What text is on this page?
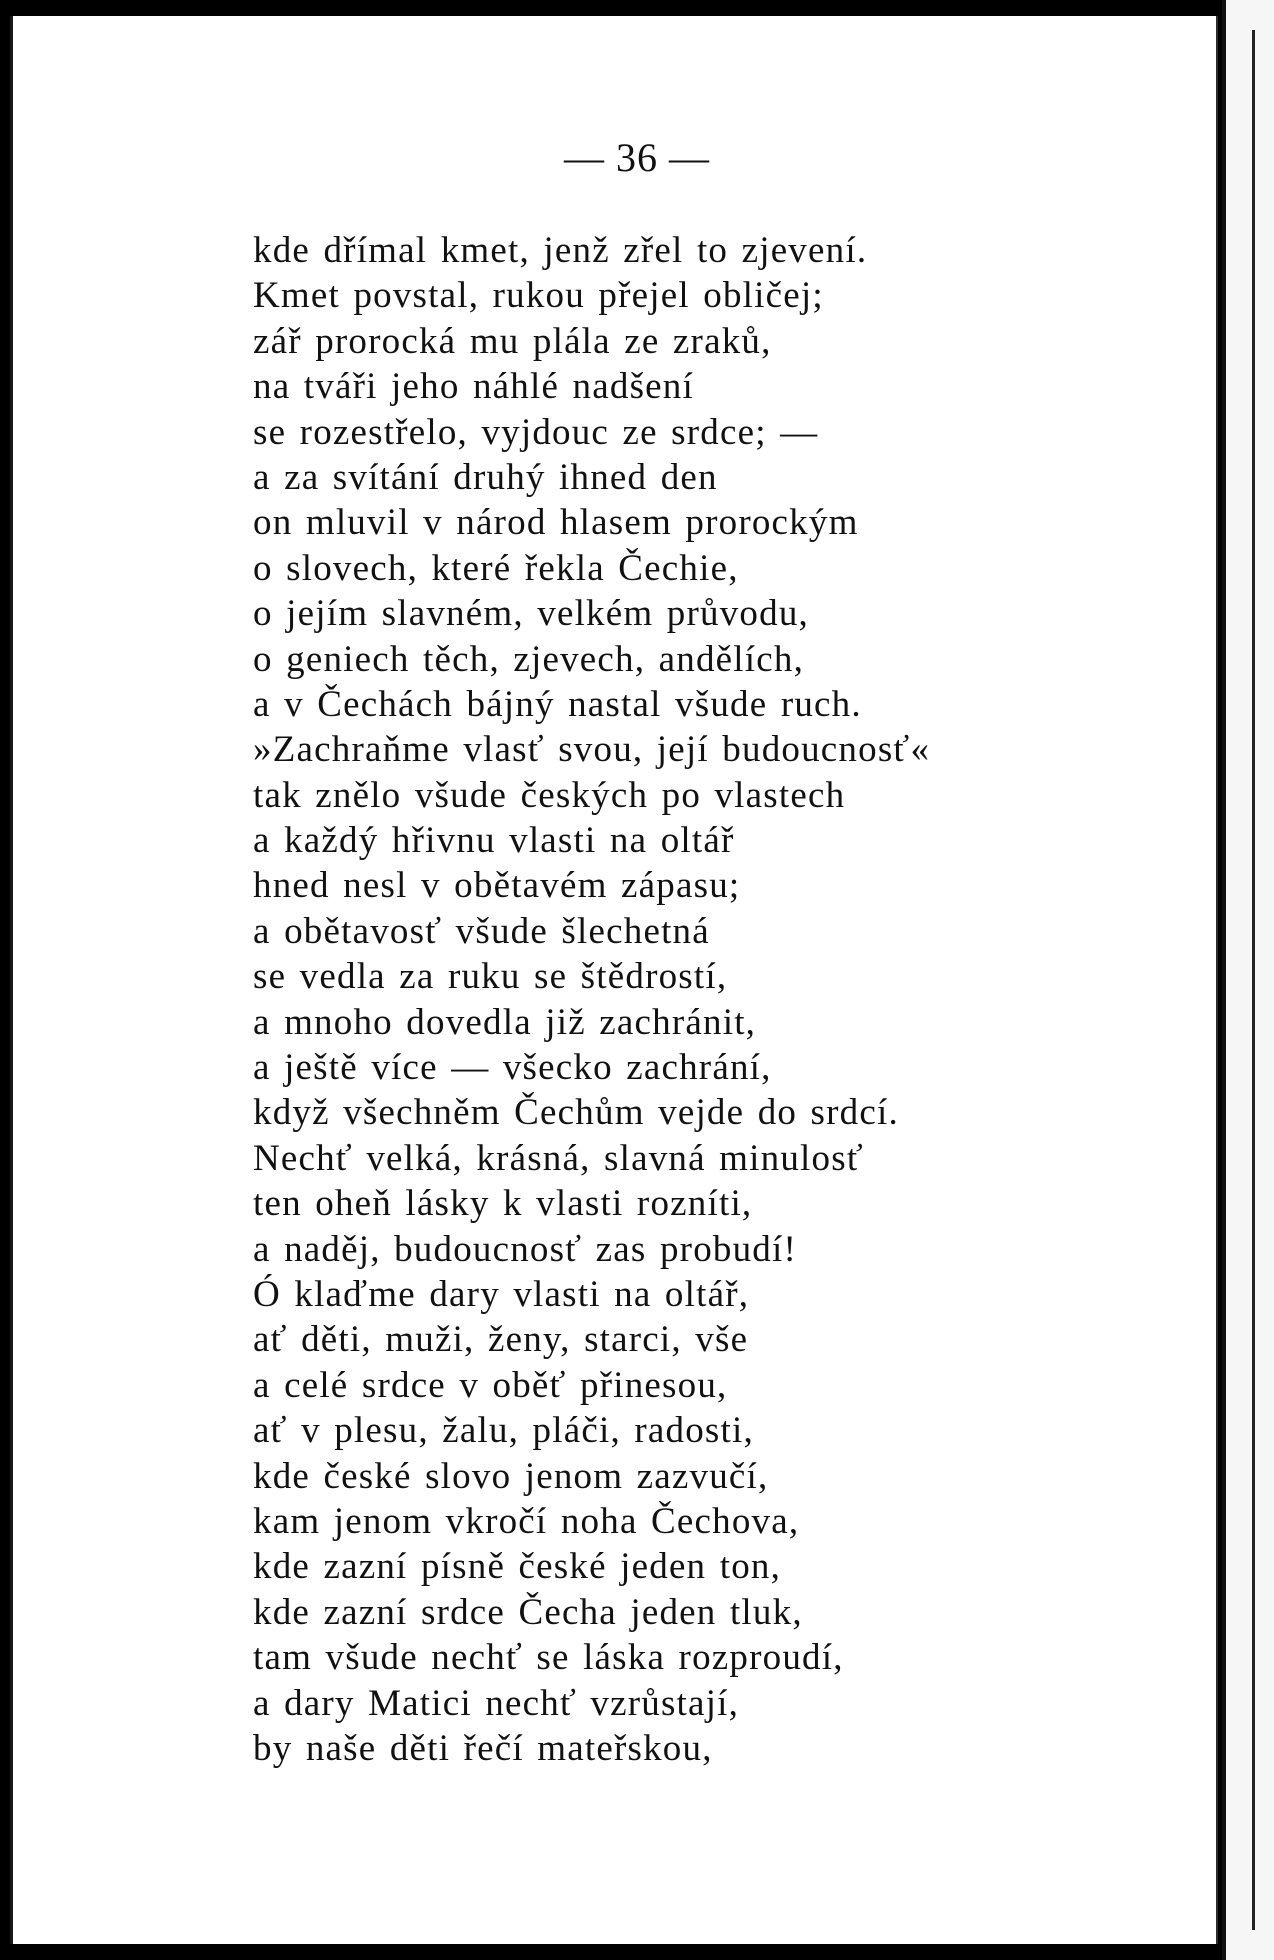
— 36 —
kde dřímal kmet, jenž zřel to zjevení.
Kmet povstal, rukou přejel obličej;
zář prorocká mu plála ze zraků,
na tváři jeho náhlé nadšení
se rozestřelo, vyjdouc ze srdce; —
a za svítání druhý ihned den
on mluvil v národ hlasem prorockým
o slovech, které řekla Čechie,
o jejím slavném, velkém průvodu,
o geniech těch, zjevech, andělích,
a v Čechách bájný nastal všude ruch.
»Zachraňme vlasť svou, její budoucnosť«
tak znělo všude českých po vlastech
a každý hřivnu vlasti na oltář
hned nesl v obětavém zápasu;
a obětavosť všude šlechetná
se vedla za ruku se štědrostí,
a mnoho dovedla již zachránit,
a ještě více — všecko zachrání,
když všechněm Čechům vejde do srdcí.
Nechť velká, krásná, slavná minulosť
ten oheň lásky k vlasti rozníti,
a naděj, budoucnosť zas probudí!
Ó klaďme dary vlasti na oltář,
ať děti, muži, ženy, starci, vše
a celé srdce v oběť přinesou,
ať v plesu, žalu, pláči, radosti,
kde české slovo jenom zazvučí,
kam jenom vkročí noha Čechova,
kde zazní písně české jeden ton,
kde zazní srdce Čecha jeden tluk,
tam všude nechť se láska rozproudí,
a dary Matici nechť vzrůstají,
by naše děti řečí mateřskou,
